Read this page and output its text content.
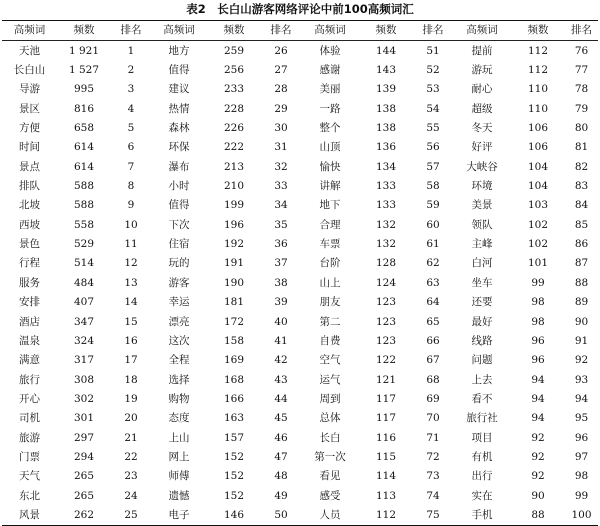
表2　长白山游客网络评论中前100高频词汇
高频词	频数	排名	高频词	频数	排名	高频词	频数	排名	高频词	频数	排名
天池	1 921	1	地方	259	26	体验	144	51	提前	112	76
长白山	1 527	2	值得	256	27	感谢	143	52	游玩	112	77
导游	995	3	建议	233	28	美丽	139	53	耐心	110	78
景区	816	4	热情	228	29	一路	138	54	超级	110	79
方便	658	5	森林	226	30	整个	138	55	冬天	106	80
时间	614	6	环保	222	31	山顶	136	56	好评	106	81
景点	614	7	瀑布	213	32	愉快	134	57	大峡谷	104	82
排队	588	8	小时	210	33	讲解	133	58	环境	104	83
北坡	588	9	值得	199	34	地下	133	59	美景	103	84
西坡	558	10	下次	196	35	合理	132	60	领队	102	85
景色	529	11	住宿	192	36	车票	132	61	主峰	102	86
行程	514	12	玩的	191	37	台阶	128	62	白河	101	87
服务	484	13	游客	190	38	山上	124	63	坐车	99	88
安排	407	14	幸运	181	39	朋友	123	64	还要	98	89
酒店	347	15	漂亮	172	40	第二	123	65	最好	98	90
温泉	324	16	这次	158	41	自费	123	66	线路	96	91
满意	317	17	全程	169	42	空气	122	67	问题	96	92
旅行	308	18	选择	168	43	运气	121	68	上去	94	93
开心	302	19	购物	166	44	周到	117	69	看不	94	94
司机	301	20	态度	163	45	总体	117	70	旅行社	94	95
旅游	297	21	上山	157	46	长白	116	71	项目	92	96
门票	294	22	网上	152	47	第一次	115	72	有机	92	97
天气	265	23	师傅	152	48	看见	114	73	出行	92	98
东北	265	24	遗憾	152	49	感受	113	74	实在	90	99
风景	262	25	电子	146	50	人员	112	75	手机	88	100
